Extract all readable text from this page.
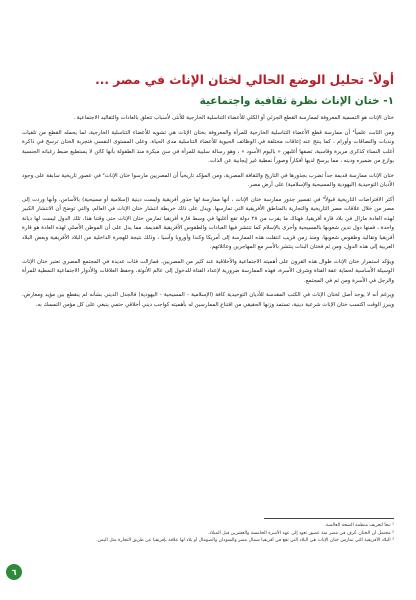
أولاً- تحليل الوضع الحالي لختان الإناث في مصر ...
١- ختان الإناث نظرة ثقافية واجتماعية

ختان الإناث هو التسمية المعروفة لممارسة القطع الجزئي أو الكلي للأعضاء التناسلية الخارجية للأنثى لأسباب تتعلق بالعادات والتقاليد الاجتماعية .

ومن الثابت علمياً¹ أن ممارسة قطع الأعضاء التناسلية الخارجية للمرأة والمعروفة بختان الإناث هي تشويه للأعضاء التناسلية الخارجية، لما يحمله القطع من تلفيات وندبات والتصاقات وأورام ، كما ينتج عنه إعاقات مختلفة في الوظائف الحيوية للأعضاء التناسلية مدى الحياة. وعلى المستوى النفسي فتجربة الختان ترسخ في ذاكرة أغلب النساء كذكرى مريرة وقاسية، تصفها أغلبهن « باليوم الأسود » ، وهو رسالة سلبية للمرأة في سن مبكرة منذ الطفولة بأنها كائن لا يستطيع ضبط رغباته الجنسية بوازع من ضميره ودينه ، مما يرسخ لديها أفكاراً وصوراً نمطية غير إيجابية عن الذات.

ختان الإناث ممارسة قديمة جداً تضرب بجذورها في التاريخ والثقافة المصرية، ومن المؤكد تاريخياً أن المصريين مارسوا ختان الإناث² في عصور تاريخية سابقة على وجود الأديان التوحيدية (اليهودية والمسيحية والإسلامية) على أرض مصر.

أكثر الافتراضات التاريخية قبولاً³ في تفسير جذور ممارسة ختان الإناث ، أنها ممارسة لها جذور أفريقية وليست دينية (إسلامية أو مسيحية) بالأساس، وأنها وردت إلى مصر من خلال علاقات مصر التاريخية والتجارية بالمناطق الأفريقية التي تمارسها. ويدل على ذلك خريطة انتشار ختان الإناث في العالم، والتي توضح أن الانتشار الكبير لهذه العادة مازال في بلاد قارة أفريقيا، فهناك ما يقرب من ٢٨ دولة تقع أغلبها في وسط قارة أفريقيا تمارس ختان الإناث حتى وقتنا هذا، تلك الدول ليست لها ديانة واحدة ، فمنها دول تدين شعوبها بالمسيحية وأخرى بالإسلام كما تنتشر فيها العبادات والطقوس الأفريقية القديمة. مما يدل على أن الموطن الأصلي لهذه العادة هو قارة أفريقيا وتقاليد وطقوس شعوبها. ومنذ زمن قريب انتقلت هذه الممارسة إلى أمريكا وكندا وأوروبا وآسيا ، وذلك نتيجة للهجرة الداخلية من البلاد الأفريقية وبعض البلاد العربية إلى هذه الدول، ومن ثم فختان البنات ينتشر بالأسر مع المهاجرين وعائلاتهم.

ويؤكد استمرار ختان الإناث طوال هذه القرون على أهميته الاجتماعية والأخلاقية عند كثير من المصريين. فمازالت فئات عديدة في المجتمع المصري تعتبر ختان الإناث الوسيلة الأساسية لحماية عفة الفتاة وشرف الأسرة، فهذه الممارسة ضرورية لإعداد الفتاة للدخول إلى عالم الأنوثة، وحفظ العلاقات والأدوار الاجتماعية النمطية للمرأة والرجل في الأسرة ومن ثم في المجتمع.

ويرغم أنه لا يوجد أصل لختان الإناث في الكتب المقدسة للأديان التوحيدية كافة (الإسلامية - المسيحية - اليهودية) فالجدل الديني بشأنه لم ينقطع بين مؤيد ومعارض، ويبرز الوقت اكتسب ختان الإناث شرعية دينية، تستمد وزنها الحقيقي من اقتناع الممارسين له بأهميته كواجب ديني أخلاقي حتمي ينبغي على كل مؤمن التمسك به.

¹ تبعاً لتعريف منظمة الصحة العالمية.
² محتمل أن الختان عُرف في مصر منذ عصور تعود إلى عهد الأسرة الخامسة والعشرين قبل الميلاد.
³ البلاد الأفريقية التي تمارس ختان الإناث هي البلاد التي تقع في أفريقيا شمال مصر والسودان والصومال أو بلاد لها علاقة بإفريقيا عن طريق التجارة مثل اليمن.
٦
